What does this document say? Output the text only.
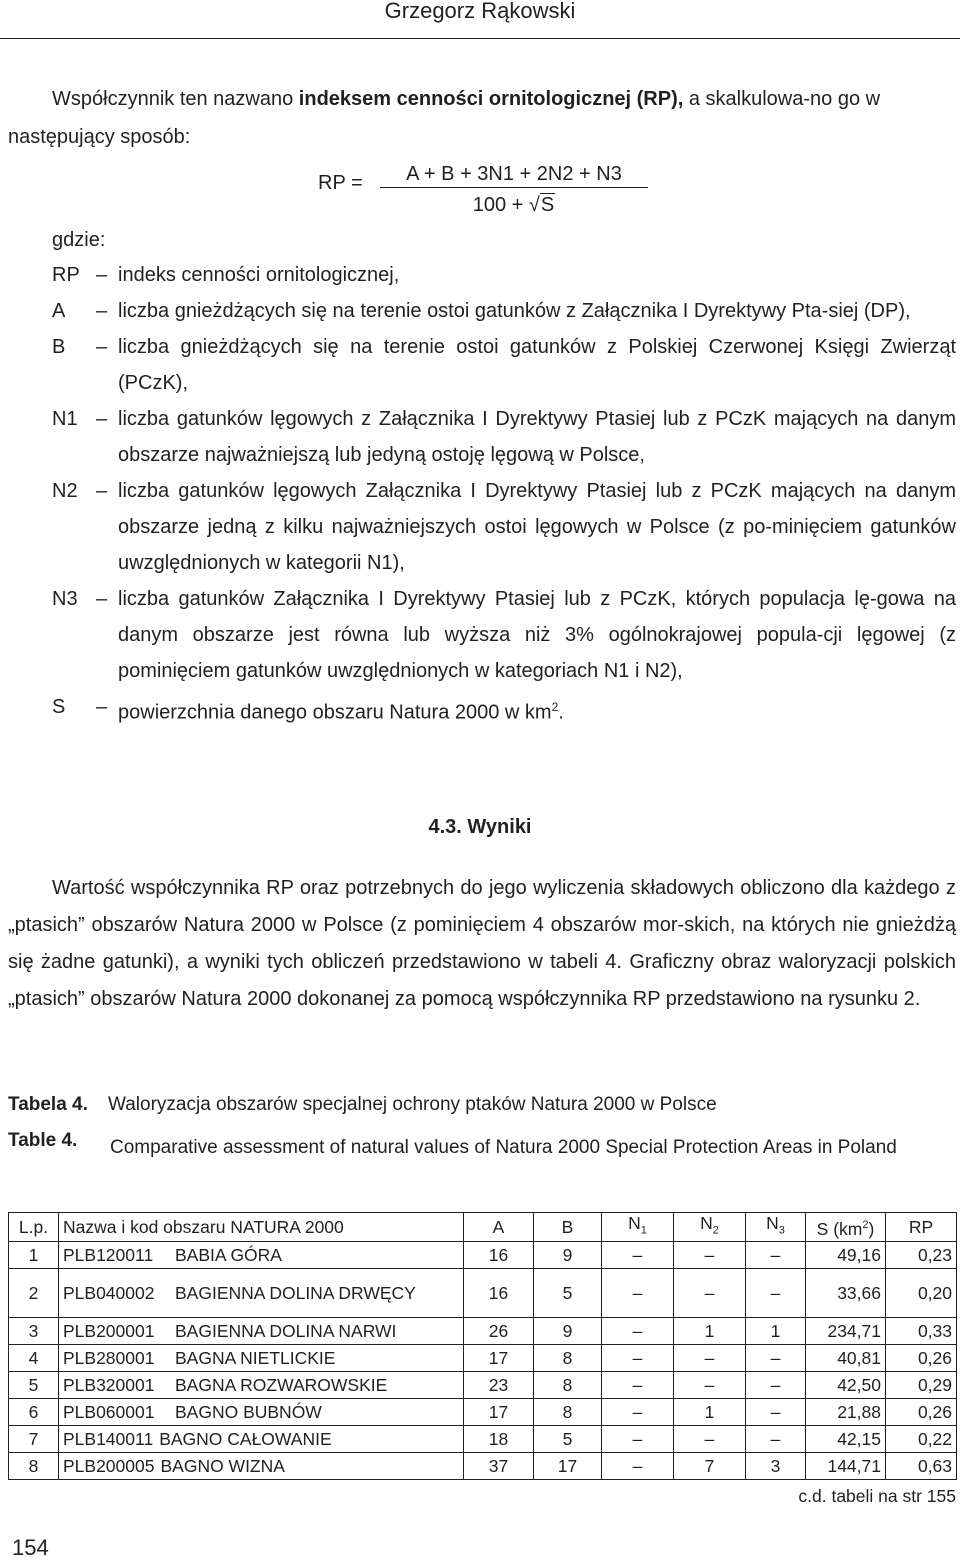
Grzegorz Rąkowski

Współczynnik ten nazwano indeksem cenności ornitologicznej (RP), a skalkulowa-no go w następujący sposób:

RP =	A + B + 3N1 + 2N2 + N3
100 + √S
gdzie:
RP – indeks cenności ornitologicznej,
A – liczba gnieżdżących się na terenie ostoi gatunków z Załącznika I Dyrektywy Pta-siej (DP),
B – liczba gnieżdżących się na terenie ostoi gatunków z Polskiej Czerwonej Księgi Zwierząt (PCzK),
N1 – liczba gatunków lęgowych z Załącznika I Dyrektywy Ptasiej lub z PCzK mających na danym obszarze najważniejszą lub jedyną ostoję lęgową w Polsce,
N2 – liczba gatunków lęgowych Załącznika I Dyrektywy Ptasiej lub z PCzK mających na danym obszarze jedną z kilku najważniejszych ostoi lęgowych w Polsce (z po-minięciem gatunków uwzględnionych w kategorii N1),
N3 – liczba gatunków Załącznika I Dyrektywy Ptasiej lub z PCzK, których populacja lę-gowa na danym obszarze jest równa lub wyższa niż 3% ogólnokrajowej popula-cji lęgowej (z pominięciem gatunków uwzględnionych w kategoriach N1 i N2),
S – powierzchnia danego obszaru Natura 2000 w $km^2$.
4.3. Wyniki

Wartość współczynnika RP oraz potrzebnych do jego wyliczenia składowych obliczono dla każdego z „ptasich” obszarów Natura 2000 w Polsce (z pominięciem 4 obszarów mor-skich, na których nie gnieżdżą się żadne gatunki), a wyniki tych obliczeń przedstawiono w tabeli 4. Graficzny obraz waloryzacji polskich „ptasich” obszarów Natura 2000 dokonanej za pomocą współczynnika RP przedstawiono na rysunku 2.

Tabela 4. Waloryzacja obszarów specjalnej ochrony ptaków Natura 2000 w Polsce
Table 4. Comparative assessment of natural values of Natura 2000 Special Protection Areas in Poland
L.p.	Nazwa i kod obszaru NATURA 2000	A	B	$N_1$	$N_2$	$N_3$	S $(km^2)$	RP
1	PLB120011 BABIA GÓRA	16	9	–	–	–	49,16	0,23
2	PLB040002 BAGIENNA DOLINA DRWĘCY	16	5	–	–	–	33,66	0,20
3	PLB200001 BAGIENNA DOLINA NARWI	26	9	–	1	1	234,71	0,33
4	PLB280001 BAGNA NIETLICKIE	17	8	–	–	–	40,81	0,26
5	PLB320001 BAGNA ROZWAROWSKIE	23	8	–	–	–	42,50	0,29
6	PLB060001 BAGNO BUBNÓW	17	8	–	1	–	21,88	0,26
7	PLB140011 BAGNO CAŁOWANIE	18	5	–	–	–	42,15	0,22
8	PLB200005 BAGNO WIZNA	37	17	–	7	3	144,71	0,63
c.d. tabeli na str 155
154
